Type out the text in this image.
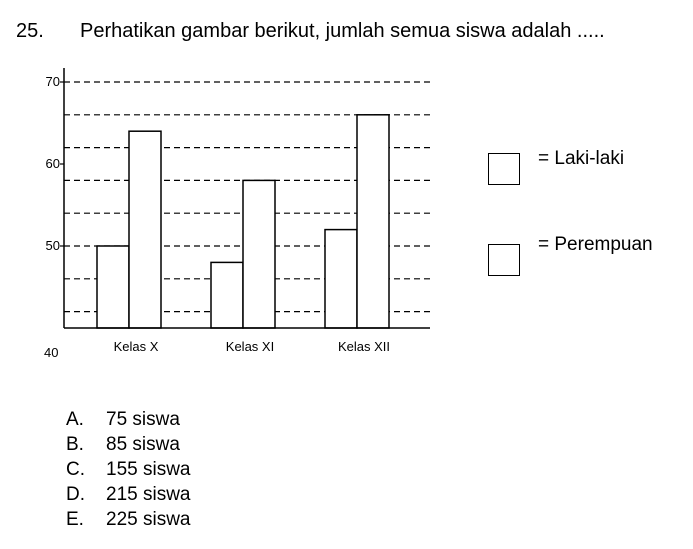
25. Perhatikan gambar berikut, jumlah semua siswa adalah .....
Kelas X	Kelas XI	Kelas XII
40
50
60
70
= Laki-laki
= Perempuan
A.	75 siswa
B.	85 siswa
C.	155 siswa
D.	215 siswa
E.	225 siswa
